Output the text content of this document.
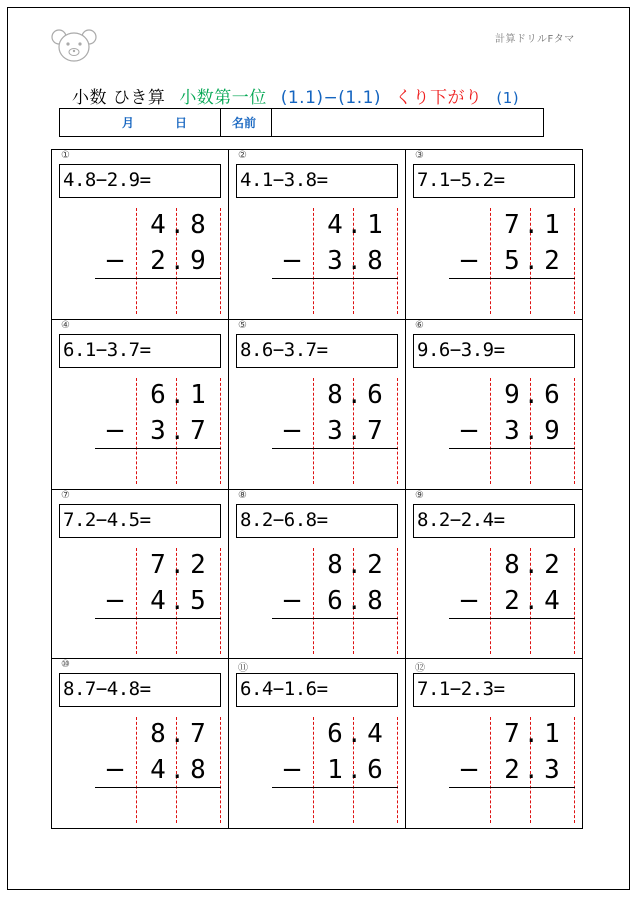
計算ドリルFタマ
小数 ひき算 小数第一位 (1.1)−(1.1) くり下がり (1)
月	日	名前
①
4.8−2.9=
4 . 8
− 2 . 9
②
4.1−3.8=
4 . 1
− 3 . 8
③
7.1−5.2=
7 . 1
− 5 . 2
④
6.1−3.7=
6 . 1
− 3 . 7
⑤
8.6−3.7=
8 . 6
− 3 . 7
⑥
9.6−3.9=
9 . 6
− 3 . 9
⑦
7.2−4.5=
7 . 2
− 4 . 5
⑧
8.2−6.8=
8 . 2
− 6 . 8
⑨
8.2−2.4=
8 . 2
− 2 . 4
⑩
8.7−4.8=
8 . 7
− 4 . 8
⑪
6.4−1.6=
6 . 4
− 1 . 6
⑫
7.1−2.3=
7 . 1
− 2 . 3
